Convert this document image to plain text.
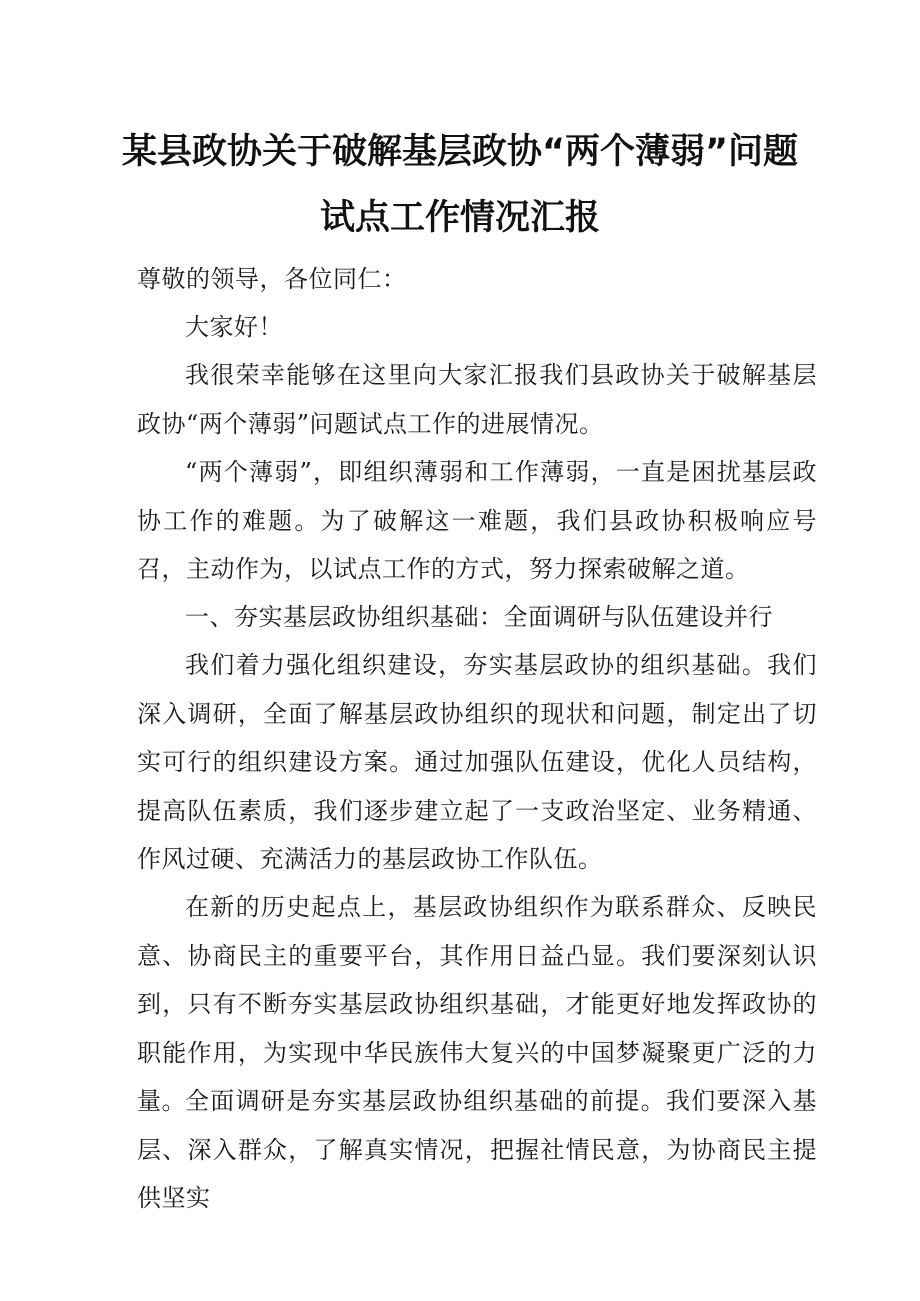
某县政协关于破解基层政协“两个薄弱”问题
试点工作情况汇报

尊敬的领导，各位同仁：

大家好！

我很荣幸能够在这里向大家汇报我们县政协关于破解基层政协“两个薄弱”问题试点工作的进展情况。

“两个薄弱”，即组织薄弱和工作薄弱，一直是困扰基层政协工作的难题。为了破解这一难题，我们县政协积极响应号召，主动作为，以试点工作的方式，努力探索破解之道。

一、夯实基层政协组织基础：全面调研与队伍建设并行

我们着力强化组织建设，夯实基层政协的组织基础。我们深入调研，全面了解基层政协组织的现状和问题，制定出了切实可行的组织建设方案。通过加强队伍建设，优化人员结构，提高队伍素质，我们逐步建立起了一支政治坚定、业务精通、作风过硬、充满活力的基层政协工作队伍。

在新的历史起点上，基层政协组织作为联系群众、反映民意、协商民主的重要平台，其作用日益凸显。我们要深刻认识到，只有不断夯实基层政协组织基础，才能更好地发挥政协的职能作用，为实现中华民族伟大复兴的中国梦凝聚更广泛的力量。 全面调研是夯实基层政协组织基础的前提。我们要深入基层、深入群众，了解真实情况，把握社情民意，为协商民主提供坚实
